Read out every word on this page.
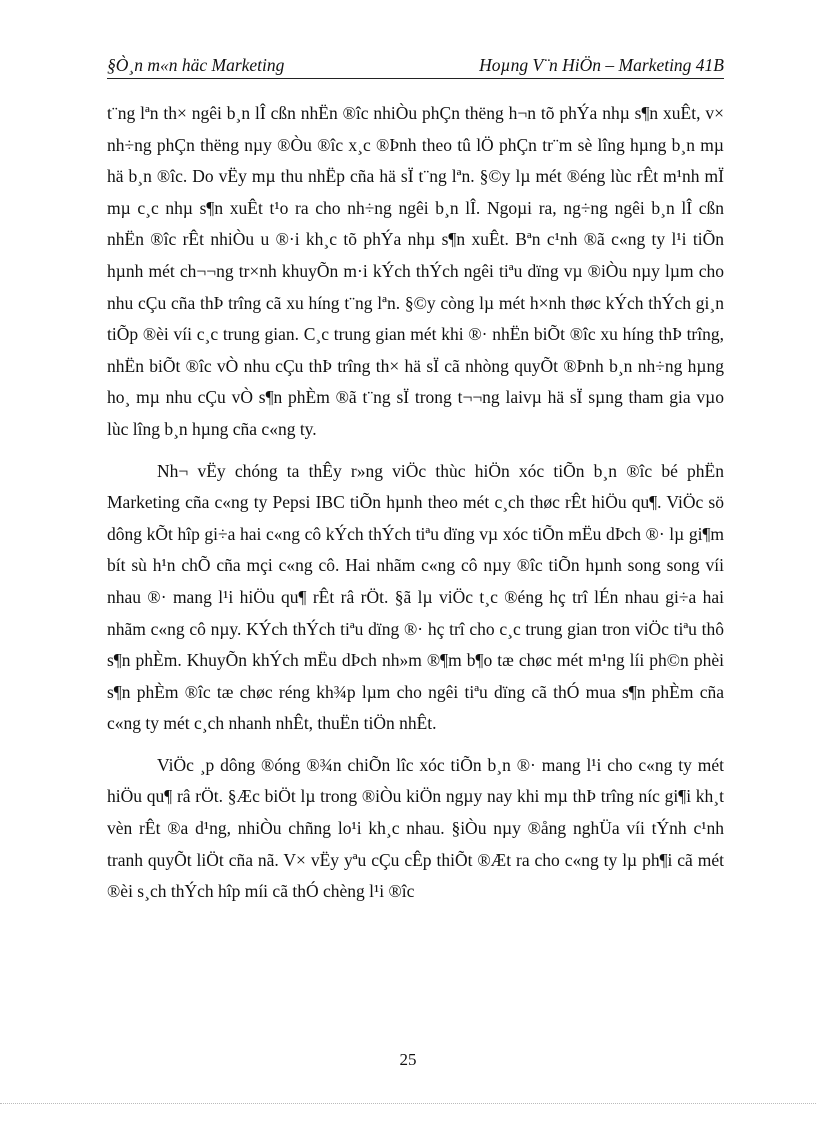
§Ò¸n m«n häc Marketing	Hoµng V¨n HiÖn – Marketing 41B

t¨ng lªn th× ngêi b¸n lÎ cßn nhËn ®îc nhiÒu phÇn thëng h¬n tõ phÝa nhµ s¶n xuÊt, v× nh÷ng phÇn thëng nµy ®Òu ®îc x¸c ®Þnh theo tû lÖ phÇn tr¨m sè lîng hµng b¸n mµ hä b¸n ®îc. Do vËy mµ thu nhËp cña hä sÏ t¨ng lªn. §©y lµ mét ®éng lùc rÊt m¹nh mÏ mµ c¸c nhµ s¶n xuÊt t¹o ra cho nh÷ng ngêi b¸n lÎ. Ngoµi ra, ng÷ng ngêi b¸n lÎ cßn nhËn ®îc rÊt nhiÒu u ®·i kh¸c tõ phÝa nhµ s¶n xuÊt. Bªn c¹nh ®ã c«ng ty l¹i tiÕn hµnh mét ch¬¬ng tr×nh khuyÕn m·i kÝch thÝch ngêi tiªu dïng vµ ®iÒu nµy lµm cho nhu cÇu cña thÞ trîng cã xu híng t¨ng lªn. §©y còng lµ mét h×nh thøc kÝch thÝch gi¸n tiÕp ®èi víi c¸c trung gian. C¸c trung gian mét khi ®· nhËn biÕt ®îc xu híng thÞ trîng, nhËn biÕt ®îc vÒ nhu cÇu thÞ trîng th× hä sÏ cã nhòng quyÕt ®Þnh b¸n nh÷ng hµng ho¸ mµ nhu cÇu vÒ s¶n phÈm ®ã t¨ng sÏ trong t¬¬ng laivµ hä sÏ sµng tham gia vµo lùc lîng b¸n hµng cña c«ng ty.

Nh¬ vËy chóng ta thÊy r»ng viÖc thùc hiÖn xóc tiÕn b¸n ®îc bé phËn Marketing cña c«ng ty Pepsi IBC tiÕn hµnh theo mét c¸ch thøc rÊt hiÖu qu¶. ViÖc sö dông kÕt hîp gi÷a hai c«ng cô kÝch thÝch tiªu dïng vµ xóc tiÕn mËu dÞch ®· lµ gi¶m bít sù h¹n chÕ cña mçi c«ng cô. Hai nhãm c«ng cô nµy ®îc tiÕn hµnh song song víi nhau ®· mang l¹i hiÖu qu¶ rÊt râ rÖt. §ã lµ viÖc t¸c ®éng hç trî lÉn nhau gi÷a hai nhãm c«ng cô nµy. KÝch thÝch tiªu dïng ®· hç trî cho c¸c trung gian tron viÖc tiªu thô s¶n phÈm. KhuyÕn khÝch mËu dÞch nh»m ®¶m b¶o tæ chøc mét m¹ng líi ph©n phèi s¶n phÈm ®îc tæ chøc réng kh¾p lµm cho ngêi tiªu dïng cã thÓ mua s¶n phÈm cña c«ng ty mét c¸ch nhanh nhÊt, thuËn tiÖn nhÊt.

ViÖc ¸p dông ®óng ®¾n chiÕn lîc xóc tiÕn b¸n ®· mang l¹i cho c«ng ty mét hiÖu qu¶ râ rÖt. §Æc biÖt lµ trong ®iÒu kiÖn ngµy nay khi mµ thÞ trîng níc gi¶i kh¸t vèn rÊt ®a d¹ng, nhiÒu chñng lo¹i kh¸c nhau. §iÒu nµy ®ång nghÜa víi tÝnh c¹nh tranh quyÕt liÖt cña nã. V× vËy yªu cÇu cÊp thiÕt ®Æt ra cho c«ng ty lµ ph¶i cã mét ®èi s¸ch thÝch hîp míi cã thÓ chèng l¹i ®îc

25
